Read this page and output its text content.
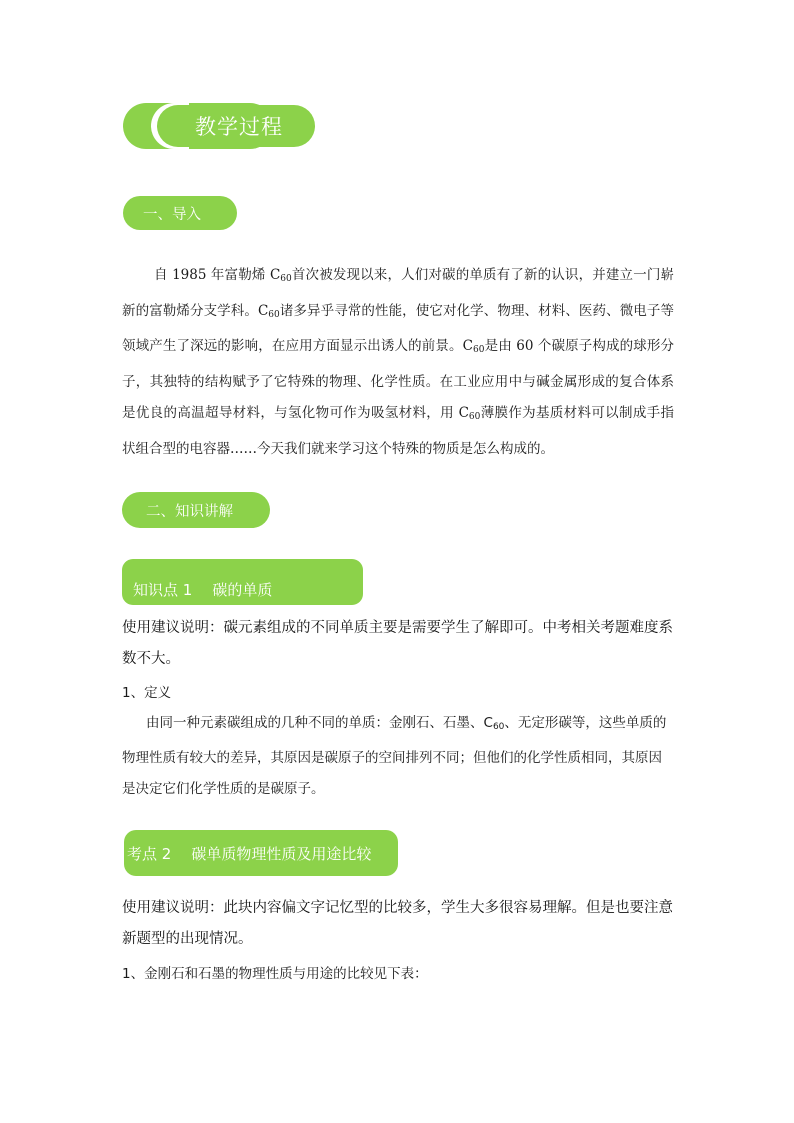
教学过程
一、导入
自 1985 年富勒烯 $C_{60}$首次被发现以来，人们对碳的单质有了新的认识，并建立一门崭新的富勒烯分支学科。$C_{60}$诸多异乎寻常的性能，使它对化学、物理、材料、医药、微电子等领域产生了深远的影响，在应用方面显示出诱人的前景。$C_{60}$是由 60 个碳原子构成的球形分子，其独特的结构赋予了它特殊的物理、化学性质。在工业应用中与碱金属形成的复合体系是优良的高温超导材料，与氢化物可作为吸氢材料，用 $C_{60}$薄膜作为基质材料可以制成手指状组合型的电容器……今天我们就来学习这个特殊的物质是怎么构成的。
二、知识讲解
知识点 1 碳的单质
使用建议说明：碳元素组成的不同单质主要是需要学生了解即可。中考相关考题难度系数不大。
1、定义
由同一种元素碳组成的几种不同的单质：金刚石、石墨、$C_{60}$、无定形碳等，这些单质的物理性质有较大的差异，其原因是碳原子的空间排列不同；但他们的化学性质相同，其原因是决定它们化学性质的是碳原子。
考点 2 碳单质物理性质及用途比较
使用建议说明：此块内容偏文字记忆型的比较多，学生大多很容易理解。但是也要注意新题型的出现情况。
1、金刚石和石墨的物理性质与用途的比较见下表：
